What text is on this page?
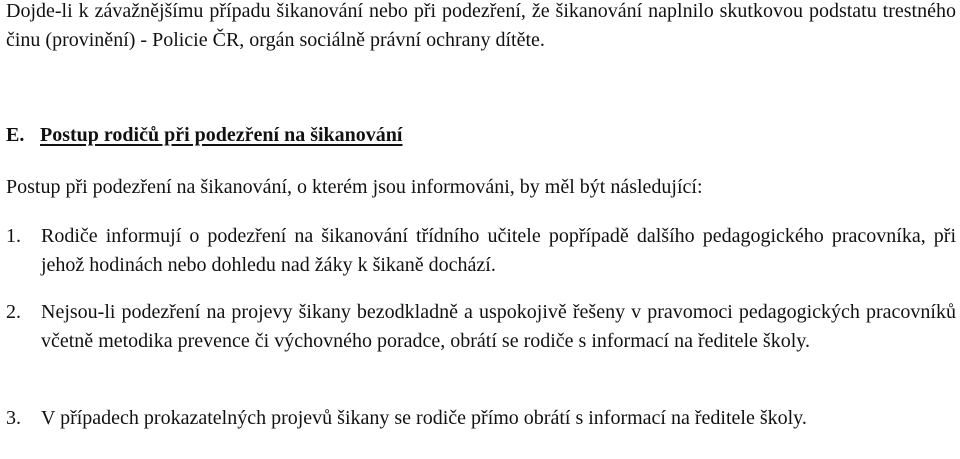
Dojde-li k závažnějšímu případu šikanování nebo při podezření, že šikanování naplnilo skutkovou podstatu trestného činu (provinění) - Policie ČR, orgán sociálně právní ochrany dítěte.

E. Postup rodičů při podezření na šikanování
Postup při podezření na šikanování, o kterém jsou informováni, by měl být následující:
1.	Rodiče informují o podezření na šikanování třídního učitele popřípadě dalšího pedagogického pracovníka, při jehož hodinách nebo dohledu nad žáky k šikaně dochází.
2.	Nejsou-li podezření na projevy šikany bezodkladně a uspokojivě řešeny v pravomoci pedagogických pracovníků včetně metodika prevence či výchovného poradce, obrátí se rodiče s informací na ředitele školy.
3.	V případech prokazatelných projevů šikany se rodiče přímo obrátí s informací na ředitele školy.
